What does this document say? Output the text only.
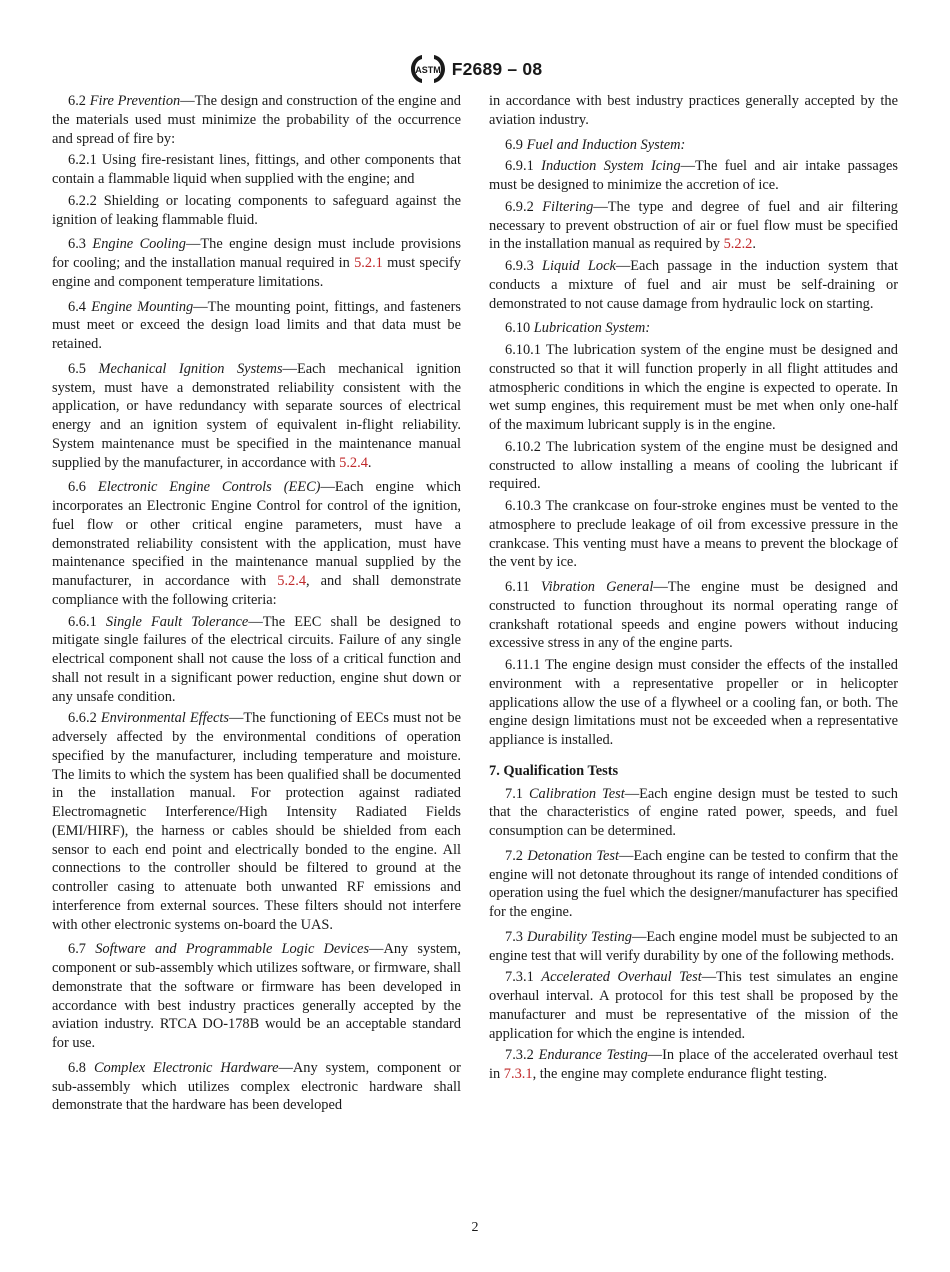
ASTM F2689 – 08

6.2 Fire Prevention—The design and construction of the engine and the materials used must minimize the probability of the occurrence and spread of fire by:

6.2.1 Using fire-resistant lines, fittings, and other components that contain a flammable liquid when supplied with the engine; and

6.2.2 Shielding or locating components to safeguard against the ignition of leaking flammable fluid.

6.3 Engine Cooling—The engine design must include provisions for cooling; and the installation manual required in 5.2.1 must specify engine and component temperature limitations.

6.4 Engine Mounting—The mounting point, fittings, and fasteners must meet or exceed the design load limits and that data must be retained.

6.5 Mechanical Ignition Systems—Each mechanical ignition system, must have a demonstrated reliability consistent with the application, or have redundancy with separate sources of electrical energy and an ignition system of equivalent in-flight reliability. System maintenance must be specified in the maintenance manual supplied by the manufacturer, in accordance with 5.2.4.

6.6 Electronic Engine Controls (EEC)—Each engine which incorporates an Electronic Engine Control for control of the ignition, fuel flow or other critical engine parameters, must have a demonstrated reliability consistent with the application, must have maintenance specified in the maintenance manual supplied by the manufacturer, in accordance with 5.2.4, and shall demonstrate compliance with the following criteria:

6.6.1 Single Fault Tolerance—The EEC shall be designed to mitigate single failures of the electrical circuits. Failure of any single electrical component shall not cause the loss of a critical function and shall not result in a significant power reduction, engine shut down or any unsafe condition.

6.6.2 Environmental Effects—The functioning of EECs must not be adversely affected by the environmental conditions of operation specified by the manufacturer, including temperature and moisture. The limits to which the system has been qualified shall be documented in the installation manual. For protection against radiated Electromagnetic Interference/High Intensity Radiated Fields (EMI/HIRF), the harness or cables should be shielded from each sensor to each end point and electrically bonded to the engine. All connections to the controller should be filtered to ground at the controller casing to attenuate both unwanted RF emissions and interference from external sources. These filters should not interfere with other electronic systems on-board the UAS.

6.7 Software and Programmable Logic Devices—Any system, component or sub-assembly which utilizes software, or firmware, shall demonstrate that the software or firmware has been developed in accordance with best industry practices generally accepted by the aviation industry. RTCA DO-178B would be an acceptable standard for use.

6.8 Complex Electronic Hardware—Any system, component or sub-assembly which utilizes complex electronic hardware shall demonstrate that the hardware has been developed

in accordance with best industry practices generally accepted by the aviation industry.

6.9 Fuel and Induction System:

6.9.1 Induction System Icing—The fuel and air intake passages must be designed to minimize the accretion of ice.

6.9.2 Filtering—The type and degree of fuel and air filtering necessary to prevent obstruction of air or fuel flow must be specified in the installation manual as required by 5.2.2.

6.9.3 Liquid Lock—Each passage in the induction system that conducts a mixture of fuel and air must be self-draining or demonstrated to not cause damage from hydraulic lock on starting.

6.10 Lubrication System:

6.10.1 The lubrication system of the engine must be designed and constructed so that it will function properly in all flight attitudes and atmospheric conditions in which the engine is expected to operate. In wet sump engines, this requirement must be met when only one-half of the maximum lubricant supply is in the engine.

6.10.2 The lubrication system of the engine must be designed and constructed to allow installing a means of cooling the lubricant if required.

6.10.3 The crankcase on four-stroke engines must be vented to the atmosphere to preclude leakage of oil from excessive pressure in the crankcase. This venting must have a means to prevent the blockage of the vent by ice.

6.11 Vibration General—The engine must be designed and constructed to function throughout its normal operating range of crankshaft rotational speeds and engine powers without inducing excessive stress in any of the engine parts.

6.11.1 The engine design must consider the effects of the installed environment with a representative propeller or in helicopter applications allow the use of a flywheel or a cooling fan, or both. The engine design limitations must not be exceeded when a representative appliance is installed.

7. Qualification Tests

7.1 Calibration Test—Each engine design must be tested to such that the characteristics of engine rated power, speeds, and fuel consumption can be determined.

7.2 Detonation Test—Each engine can be tested to confirm that the engine will not detonate throughout its range of intended conditions of operation using the fuel which the designer/manufacturer has specified for the engine.

7.3 Durability Testing—Each engine model must be subjected to an engine test that will verify durability by one of the following methods.

7.3.1 Accelerated Overhaul Test—This test simulates an engine overhaul interval. A protocol for this test shall be proposed by the manufacturer and must be representative of the mission of the application for which the engine is intended.

7.3.2 Endurance Testing—In place of the accelerated overhaul test in 7.3.1, the engine may complete endurance flight testing.

2
